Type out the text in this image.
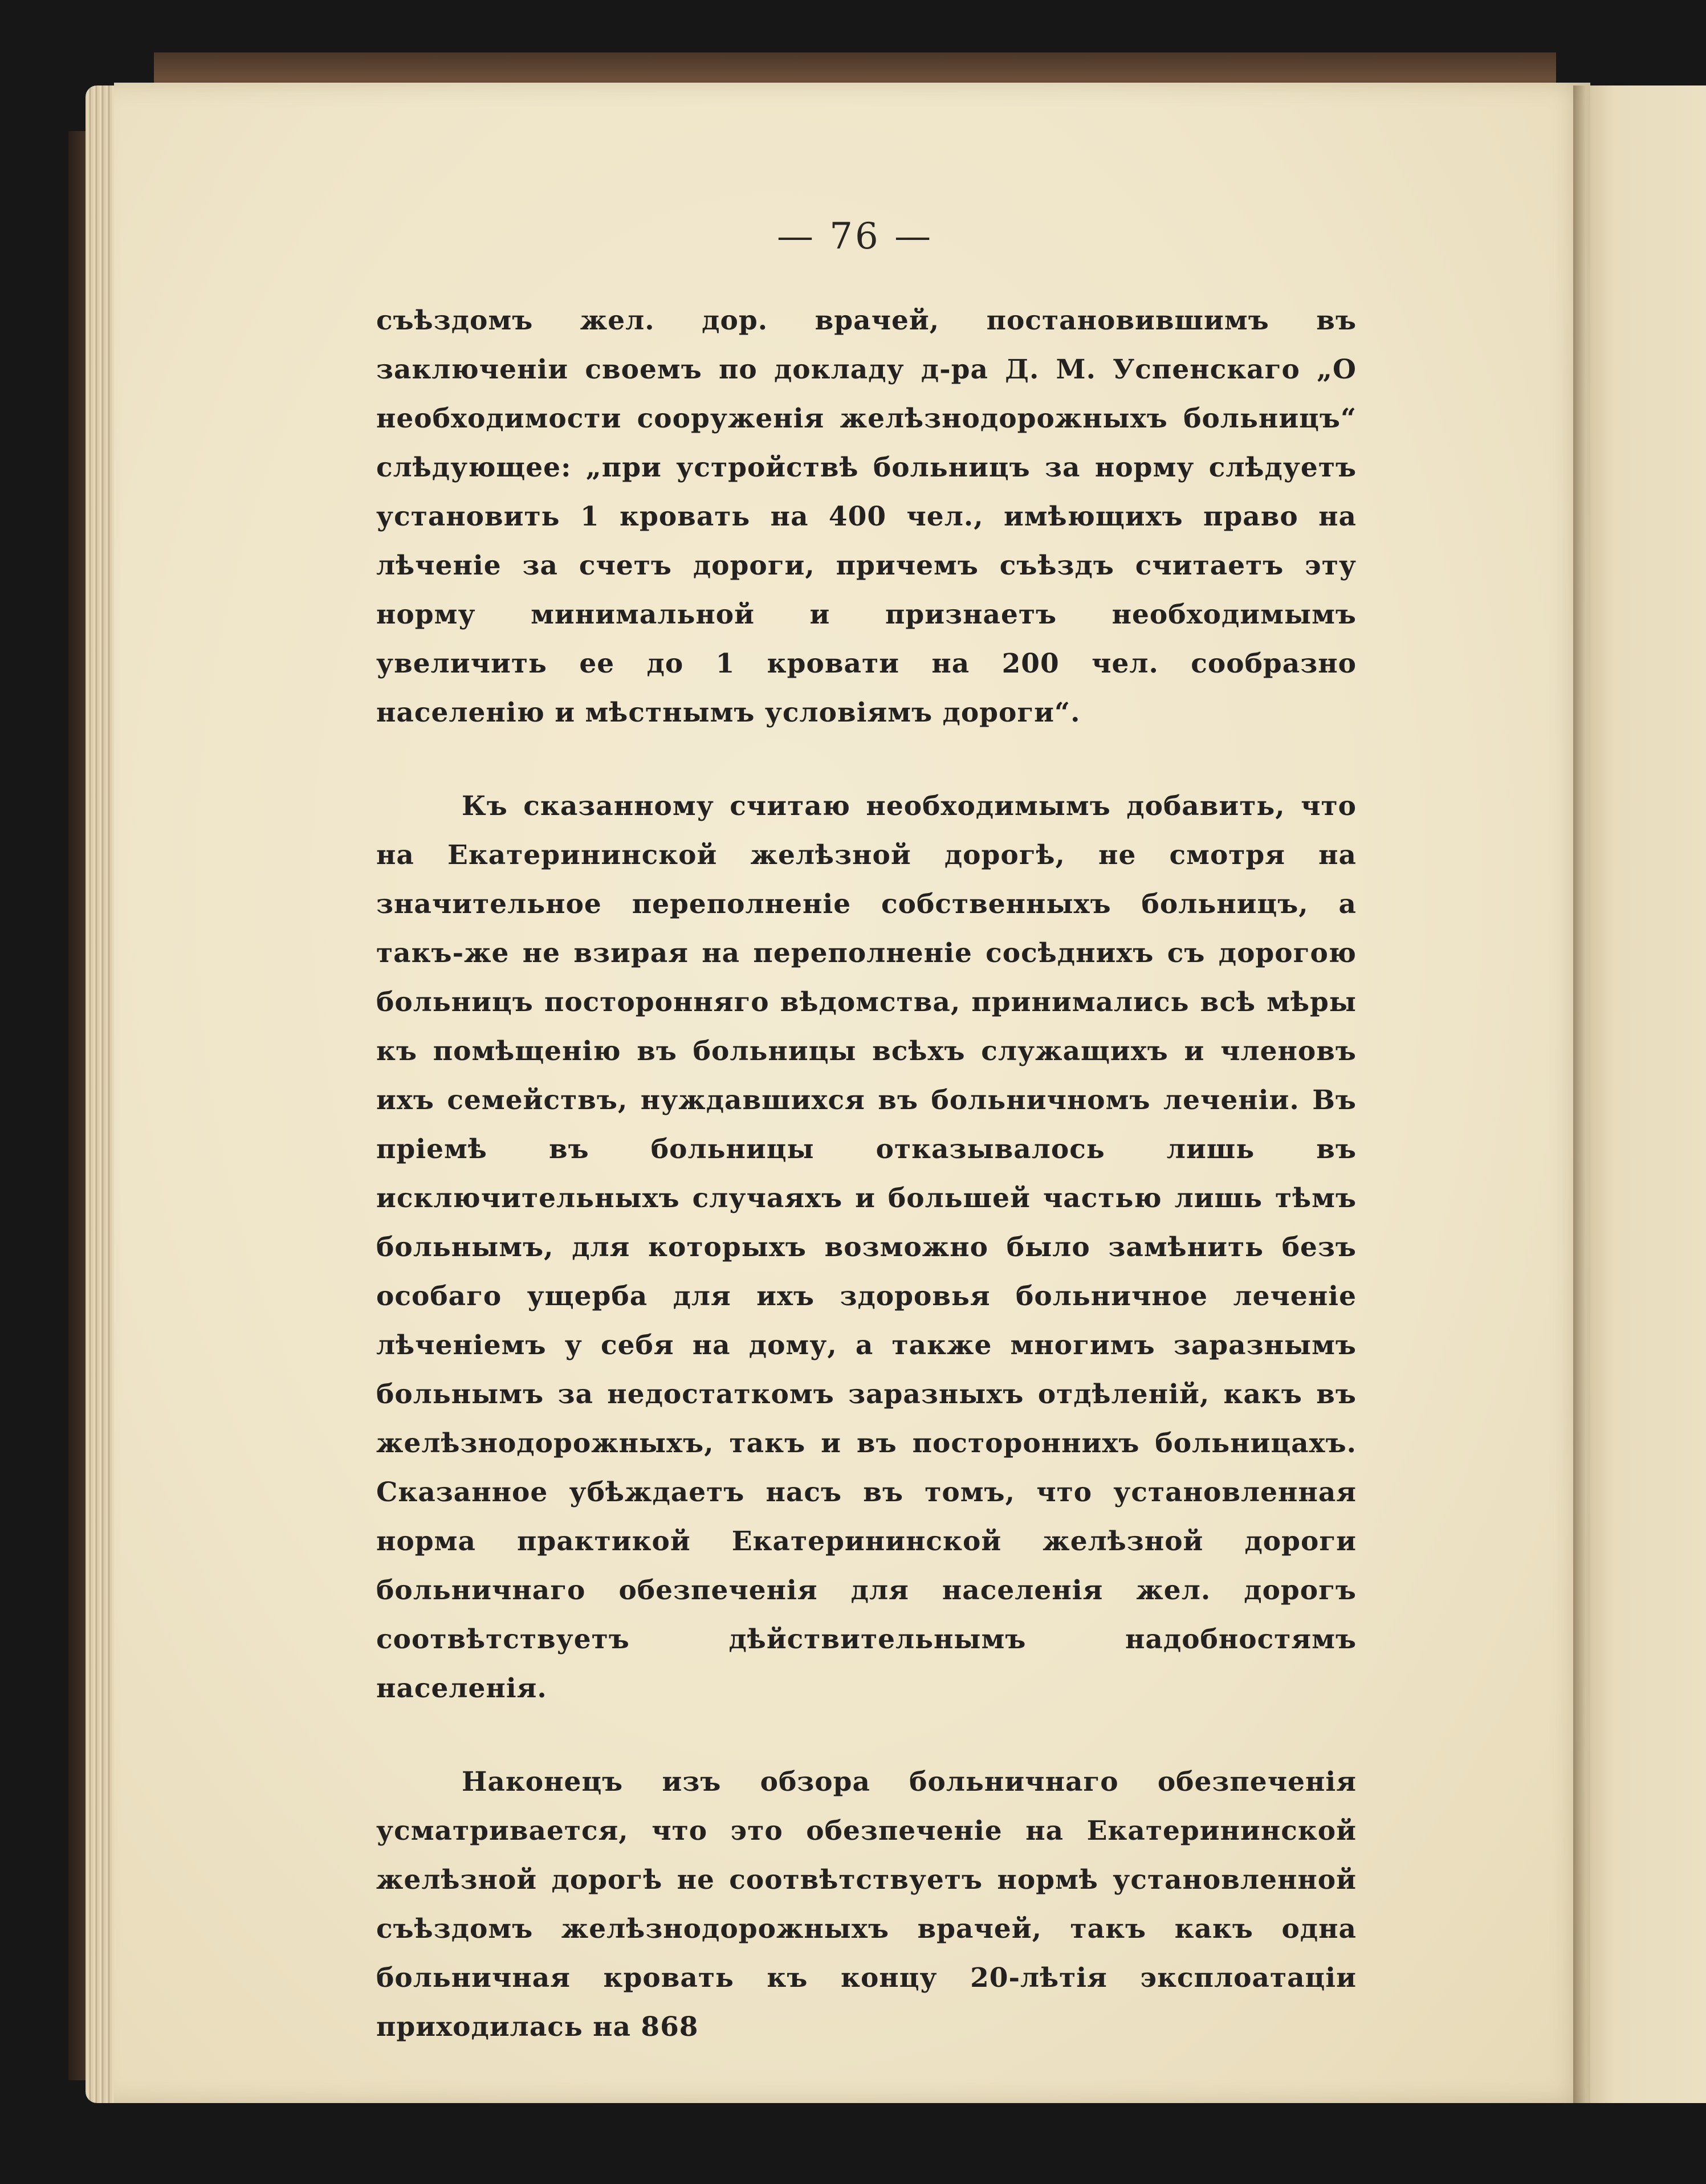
— 76 —

съѣздомъ жел. дор. врачей, постановившимъ въ заключеніи своемъ по докладу д-ра Д. М. Успенскаго „О необходимости сооруженія желѣзнодорожныхъ больницъ“ слѣдующее: „при устройствѣ больницъ за норму слѣдуетъ установить 1 кровать на 400 чел., имѣющихъ право на лѣченіе за счетъ дороги, причемъ съѣздъ считаетъ эту норму минимальной и признаетъ необходимымъ увеличить ее до 1 кровати на 200 чел. сообразно населенію и мѣстнымъ условіямъ дороги“.

Къ сказанному считаю необходимымъ добавить, что на Екатерининской желѣзной дорогѣ, не смотря на значительное переполненіе собственныхъ больницъ, а такъ-же не взирая на переполненіе сосѣднихъ съ дорогою больницъ посторонняго вѣдомства, принимались всѣ мѣры къ помѣщенію въ больницы всѣхъ служащихъ и членовъ ихъ семействъ, нуждавшихся въ больничномъ леченіи. Въ пріемѣ въ больницы отказывалось лишь въ исключительныхъ случаяхъ и большей частью лишь тѣмъ больнымъ, для которыхъ возможно было замѣнить безъ особаго ущерба для ихъ здоровья больничное леченіе лѣченіемъ у себя на дому, а также многимъ заразнымъ больнымъ за недостаткомъ заразныхъ отдѣленій, какъ въ желѣзнодорожныхъ, такъ и въ постороннихъ больницахъ. Сказанное убѣждаетъ насъ въ томъ, что установленная норма практикой Екатерининской желѣзной дороги больничнаго обезпеченія для населенія жел. дорогъ соотвѣтствуетъ дѣйствительнымъ надобностямъ населенія.

Наконецъ изъ обзора больничнаго обезпеченія усматривается, что это обезпеченіе на Екатерининской желѣзной дорогѣ не соотвѣтствуетъ нормѣ установленной съѣздомъ желѣзнодорожныхъ врачей, такъ какъ одна больничная кровать къ концу 20-лѣтія эксплоатаціи приходилась на 868
